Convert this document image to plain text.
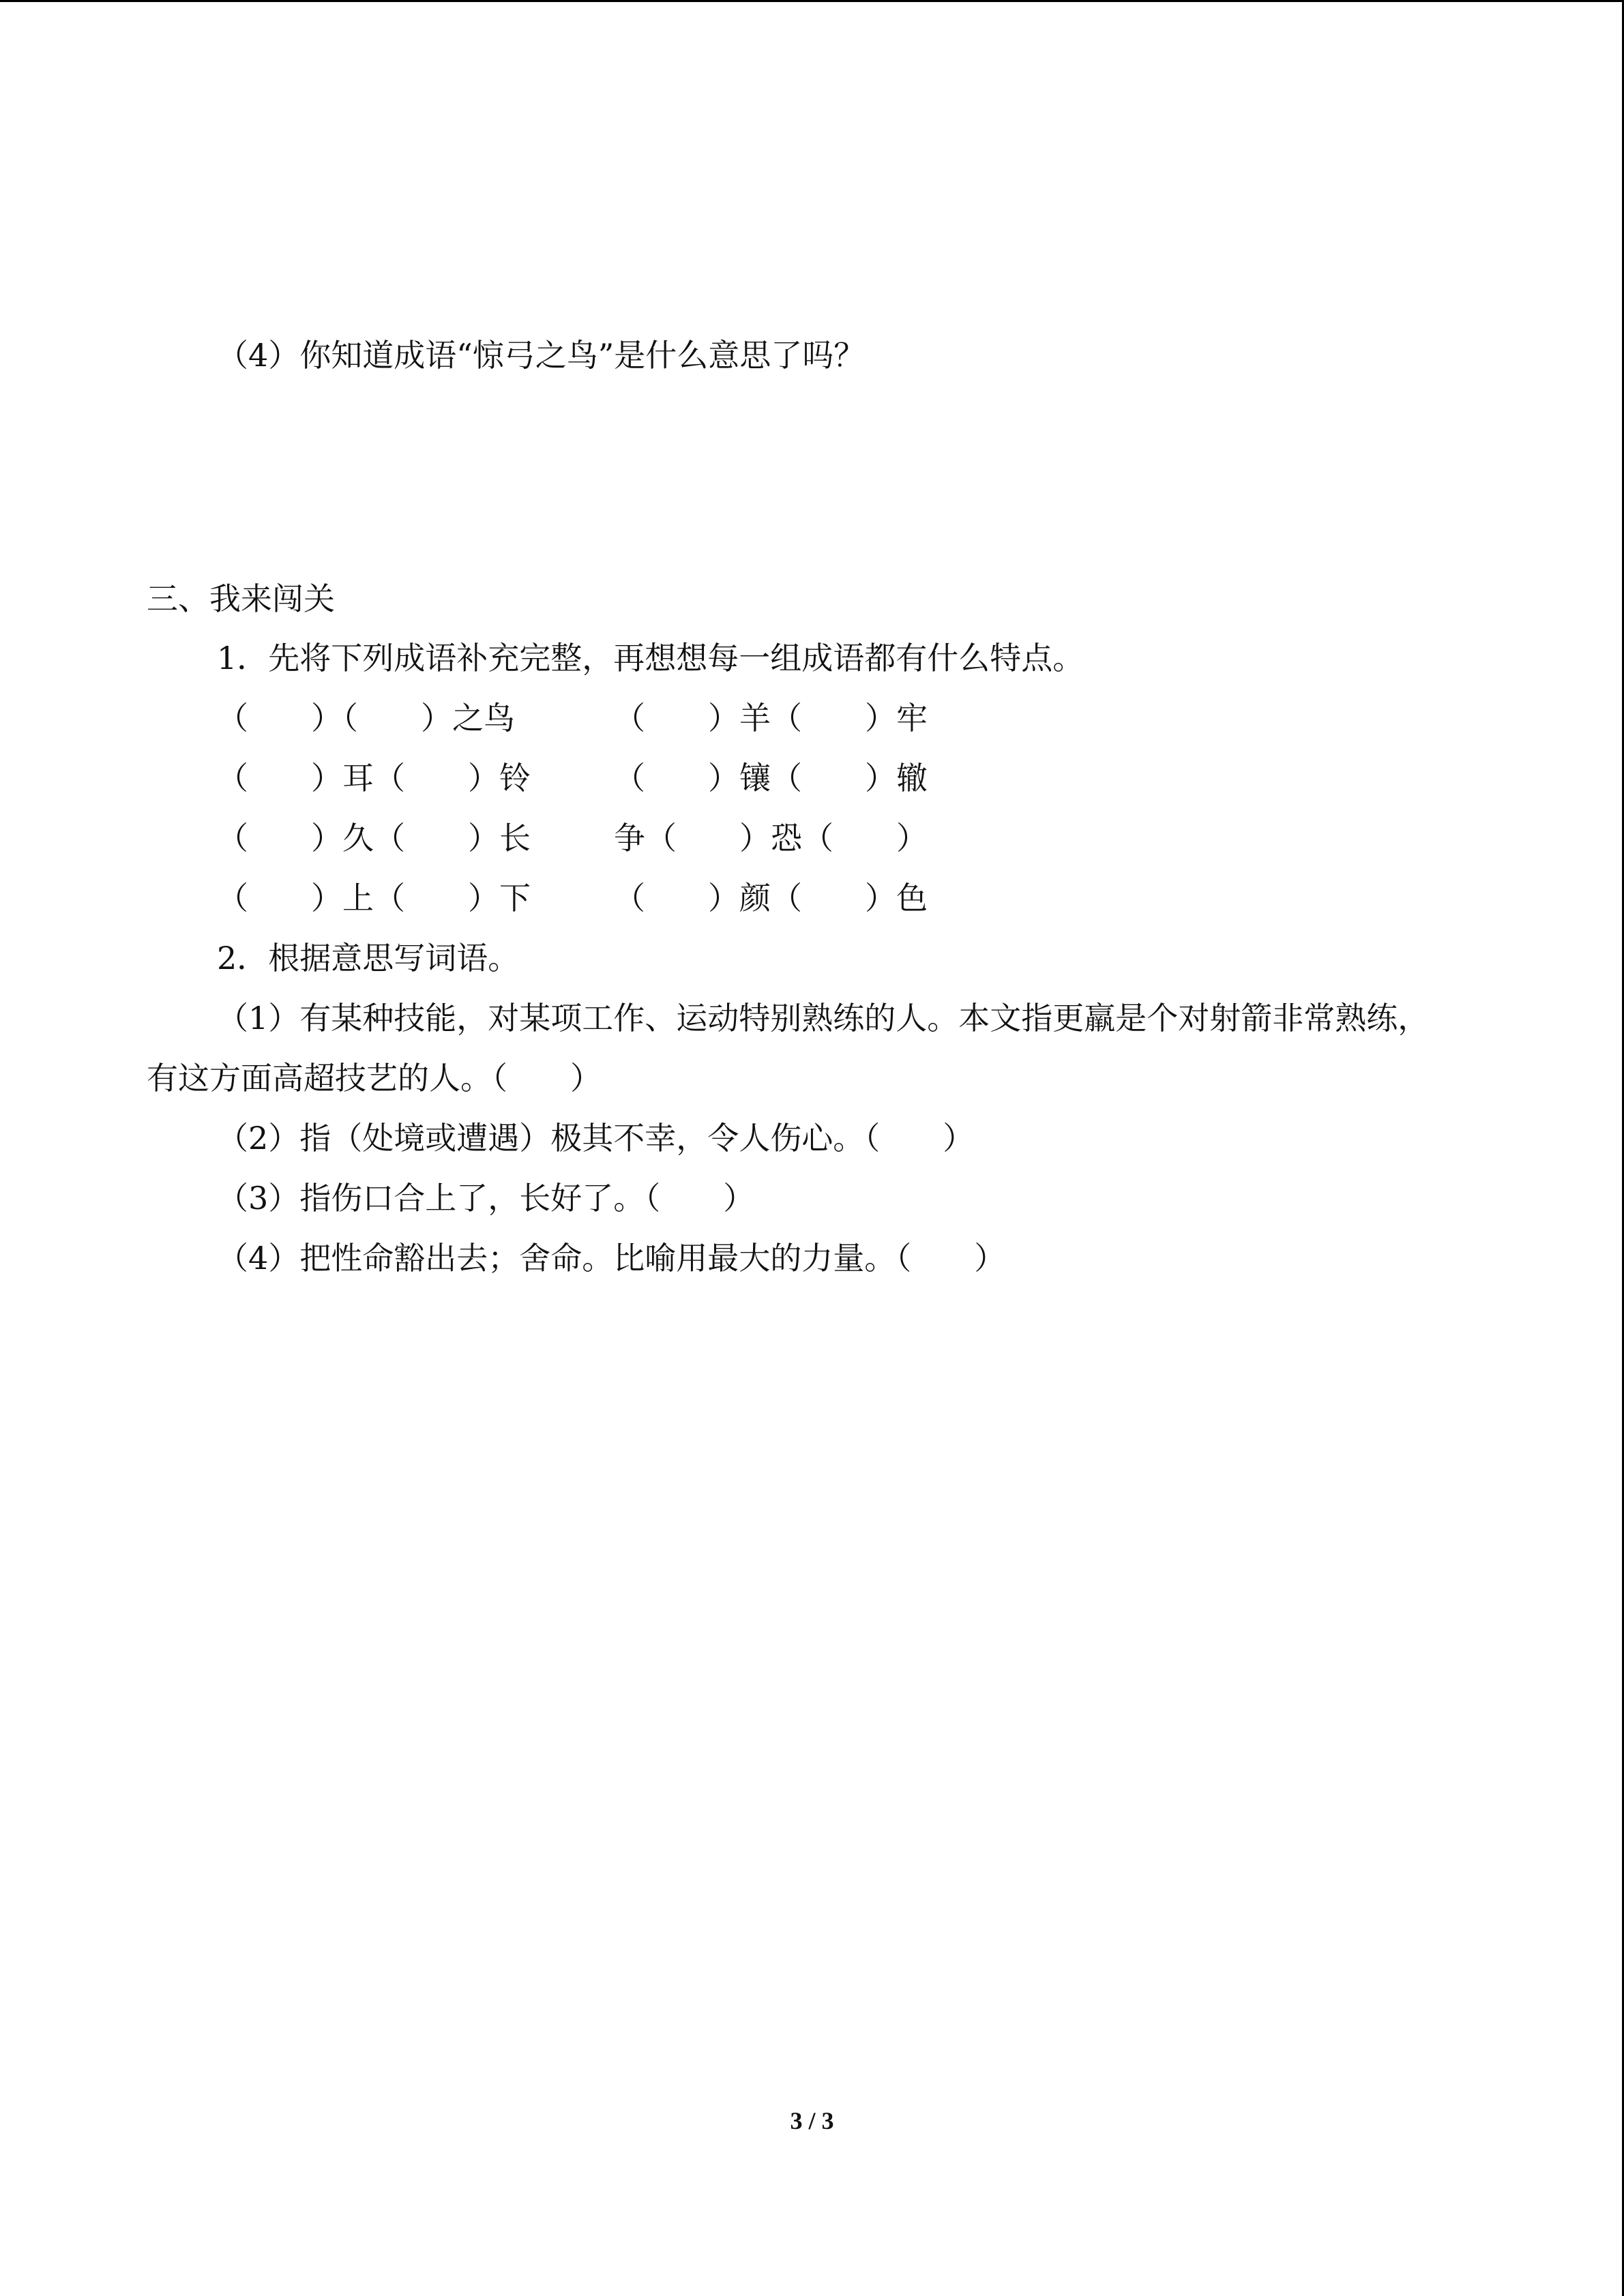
（4）你知道成语“惊弓之鸟”是什么意思了吗？
三、我来闯关
1．先将下列成语补充完整，再想想每一组成语都有什么特点。
（　　）（　　）之鸟	（　　）羊（　　）牢
（　　）耳（　　）铃	（　　）镶（　　）辙
（　　）久（　　）长	争（　　）恐（　　）
（　　）上（　　）下	（　　）颜（　　）色
2．根据意思写词语。
（1）有某种技能，对某项工作、运动特别熟练的人。本文指更羸是个对射箭非常熟练，
有这方面高超技艺的人。（　　）
（2）指（处境或遭遇）极其不幸，令人伤心。（　　）
（3）指伤口合上了，长好了。（　　）
（4）把性命豁出去；舍命。比喻用最大的力量。（　　）
3 / 3
